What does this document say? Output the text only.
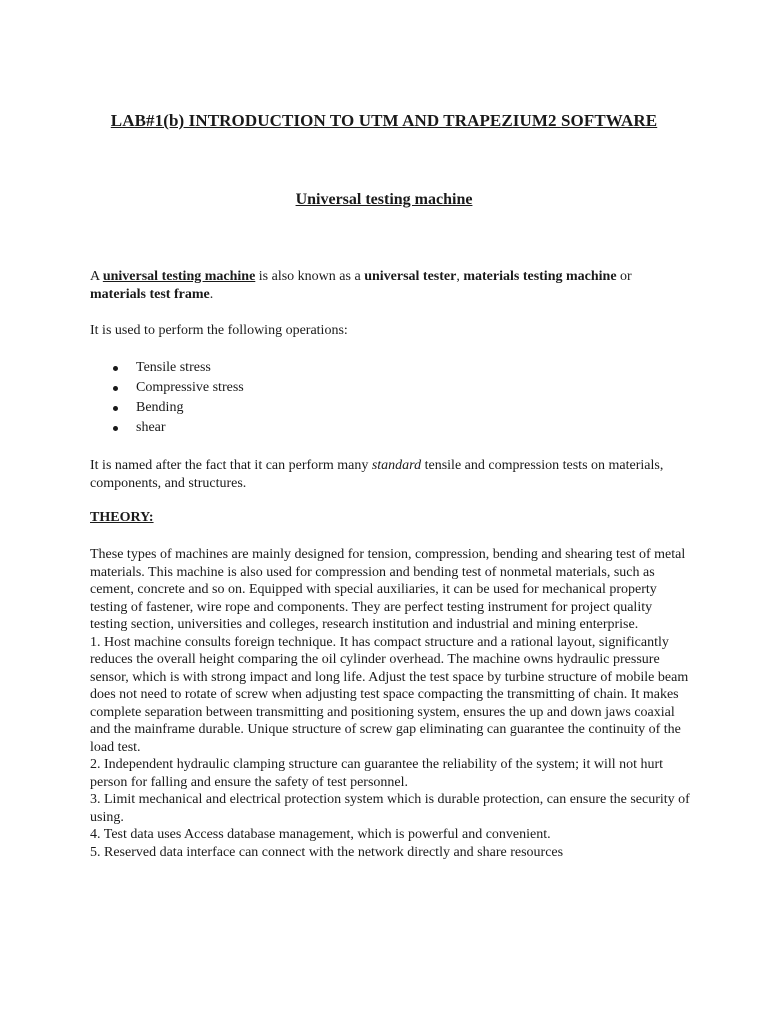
LAB#1(b) INTRODUCTION TO UTM AND TRAPEZIUM2 SOFTWARE
Universal testing machine

A universal testing machine is also known as a universal tester, materials testing machine or materials test frame.

It is used to perform the following operations:

Tensile stress
Compressive stress
Bending
shear

It is named after the fact that it can perform many standard tensile and compression tests on materials, components, and structures.

THEORY:

These types of machines are mainly designed for tension, compression, bending and shearing test of metal materials. This machine is also used for compression and bending test of nonmetal materials, such as cement, concrete and so on. Equipped with special auxiliaries, it can be used for mechanical property testing of fastener, wire rope and components. They are perfect testing instrument for project quality testing section, universities and colleges, research institution and industrial and mining enterprise.

1. Host machine consults foreign technique. It has compact structure and a rational layout, significantly reduces the overall height comparing the oil cylinder overhead. The machine owns hydraulic pressure sensor, which is with strong impact and long life. Adjust the test space by turbine structure of mobile beam does not need to rotate of screw when adjusting test space compacting the transmitting of chain. It makes complete separation between transmitting and positioning system, ensures the up and down jaws coaxial and the mainframe durable. Unique structure of screw gap eliminating can guarantee the continuity of the load test.

2. Independent hydraulic clamping structure can guarantee the reliability of the system; it will not hurt person for falling and ensure the safety of test personnel.

3. Limit mechanical and electrical protection system which is durable protection, can ensure the security of using.

4. Test data uses Access database management, which is powerful and convenient.

5. Reserved data interface can connect with the network directly and share resources
